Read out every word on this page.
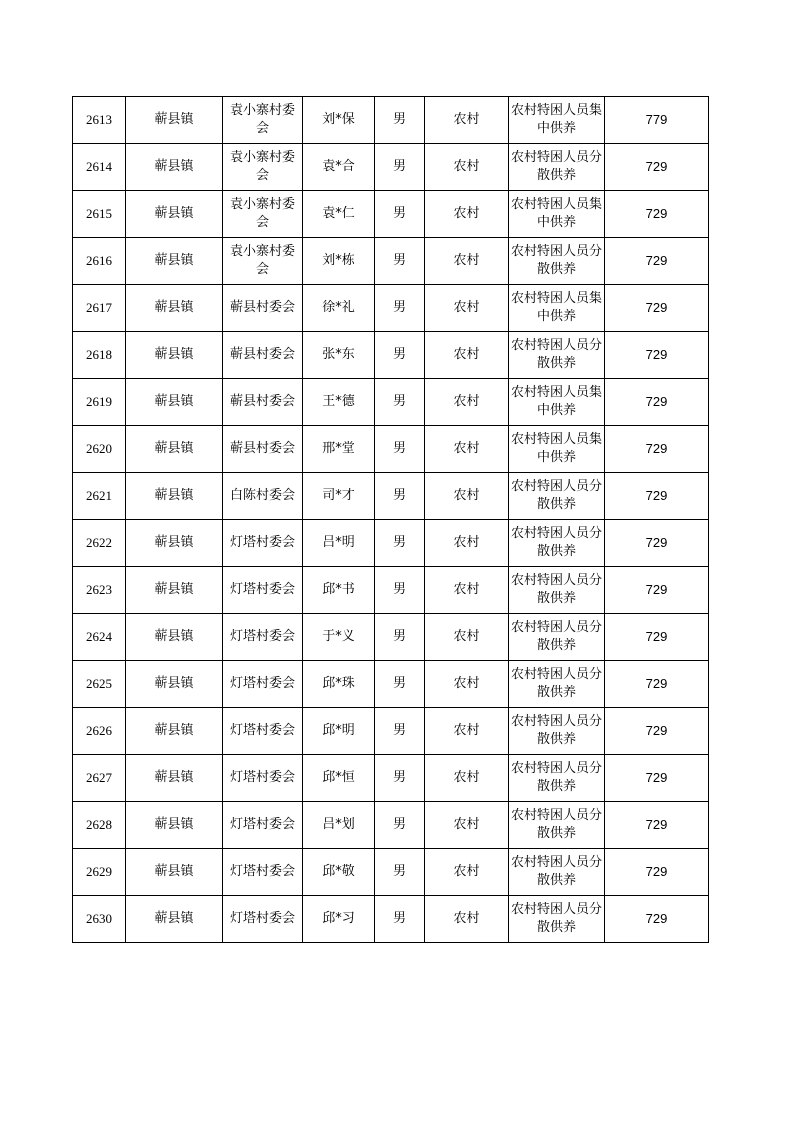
2613	蕲县镇	袁小寨村委会	刘*保	男	农村	农村特困人员集中供养	779
2614	蕲县镇	袁小寨村委会	袁*合	男	农村	农村特困人员分散供养	729
2615	蕲县镇	袁小寨村委会	袁*仁	男	农村	农村特困人员集中供养	729
2616	蕲县镇	袁小寨村委会	刘*栋	男	农村	农村特困人员分散供养	729
2617	蕲县镇	蕲县村委会	徐*礼	男	农村	农村特困人员集中供养	729
2618	蕲县镇	蕲县村委会	张*东	男	农村	农村特困人员分散供养	729
2619	蕲县镇	蕲县村委会	王*德	男	农村	农村特困人员集中供养	729
2620	蕲县镇	蕲县村委会	邢*堂	男	农村	农村特困人员集中供养	729
2621	蕲县镇	白陈村委会	司*才	男	农村	农村特困人员分散供养	729
2622	蕲县镇	灯塔村委会	吕*明	男	农村	农村特困人员分散供养	729
2623	蕲县镇	灯塔村委会	邱*书	男	农村	农村特困人员分散供养	729
2624	蕲县镇	灯塔村委会	于*义	男	农村	农村特困人员分散供养	729
2625	蕲县镇	灯塔村委会	邱*珠	男	农村	农村特困人员分散供养	729
2626	蕲县镇	灯塔村委会	邱*明	男	农村	农村特困人员分散供养	729
2627	蕲县镇	灯塔村委会	邱*恒	男	农村	农村特困人员分散供养	729
2628	蕲县镇	灯塔村委会	吕*划	男	农村	农村特困人员分散供养	729
2629	蕲县镇	灯塔村委会	邱*敬	男	农村	农村特困人员分散供养	729
2630	蕲县镇	灯塔村委会	邱*习	男	农村	农村特困人员分散供养	729
